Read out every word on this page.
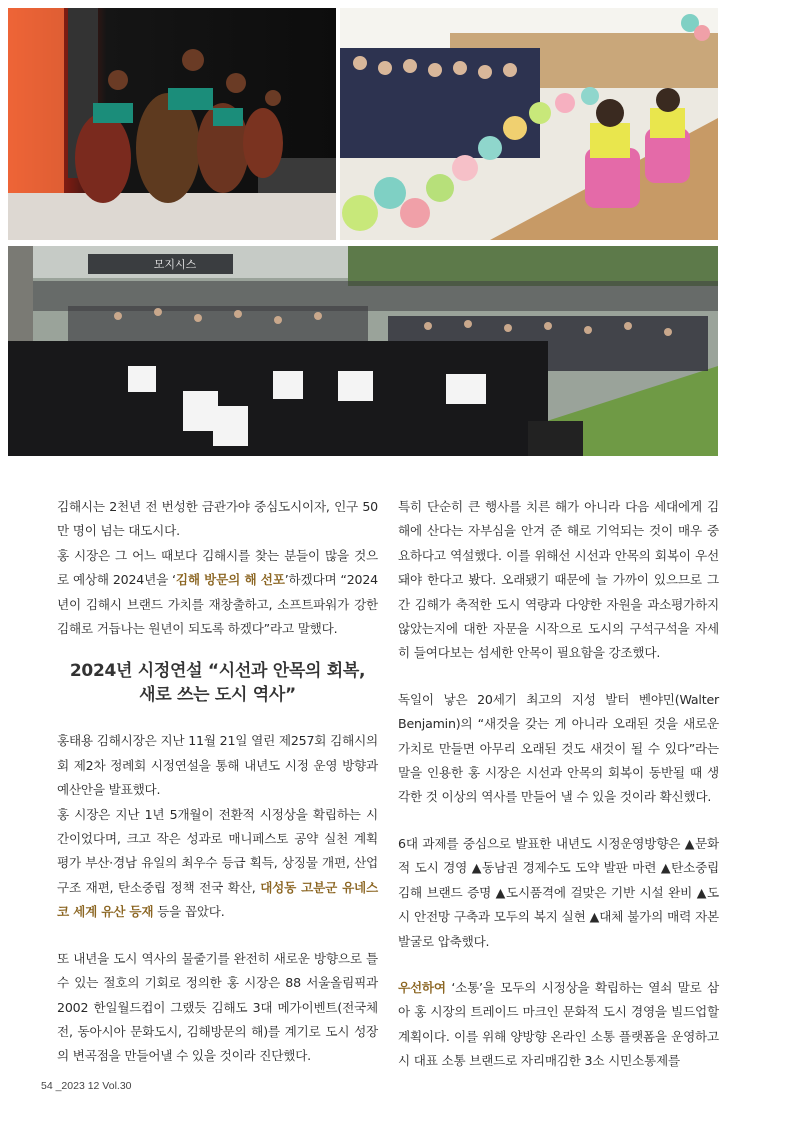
모지시스

김해시는 2천년 전 번성한 금관가야 중심도시이자, 인구 50만 명이 넘는 대도시다.

홍 시장은 그 어느 때보다 김해시를 찾는 분들이 많을 것으로 예상해 2024년을 ‘김해 방문의 해 선포’하겠다며 “2024년이 김해시 브랜드 가치를 재창출하고, 소프트파워가 강한 김해로 거듭나는 원년이 되도록 하겠다”라고 말했다.

2024년 시정연설 “시선과 안목의 회복,
새로 쓰는 도시 역사”

홍태용 김해시장은 지난 11월 21일 열린 제257회 김해시의회 제2차 정례회 시정연설을 통해 내년도 시정 운영 방향과 예산안을 발표했다.

홍 시장은 지난 1년 5개월이 전환적 시정상을 확립하는 시간이었다며, 크고 작은 성과로 매니페스토 공약 실천 계획 평가 부산·경남 유일의 최우수 등급 획득, 상징물 개편, 산업구조 재편, 탄소중립 정책 전국 확산, 대성동 고분군 유네스코 세계 유산 등재 등을 꼽았다.

또 내년을 도시 역사의 물줄기를 완전히 새로운 방향으로 틀 수 있는 절호의 기회로 정의한 홍 시장은 88 서울올림픽과 2002 한일월드컵이 그랬듯 김해도 3대 메가이벤트(전국체전, 동아시아 문화도시, 김해방문의 해)를 계기로 도시 성장의 변곡점을 만들어낼 수 있을 것이라 진단했다.

특히 단순히 큰 행사를 치른 해가 아니라 다음 세대에게 김해에 산다는 자부심을 안겨 준 해로 기억되는 것이 매우 중요하다고 역설했다. 이를 위해선 시선과 안목의 회복이 우선돼야 한다고 봤다. 오래됐기 때문에 늘 가까이 있으므로 그간 김해가 축적한 도시 역량과 다양한 자원을 과소평가하지 않았는지에 대한 자문을 시작으로 도시의 구석구석을 자세히 들여다보는 섬세한 안목이 필요함을 강조했다.

독일이 낳은 20세기 최고의 지성 발터 벤야민(Walter Benjamin)의 “새것을 갖는 게 아니라 오래된 것을 새로운 가치로 만들면 아무리 오래된 것도 새것이 될 수 있다”라는 말을 인용한 홍 시장은 시선과 안목의 회복이 동반될 때 생각한 것 이상의 역사를 만들어 낼 수 있을 것이라 확신했다.

6대 과제를 중심으로 발표한 내년도 시정운영방향은 ▲문화적 도시 경영 ▲동남권 경제수도 도약 발판 마련 ▲탄소중립 김해 브랜드 증명 ▲도시품격에 걸맞은 기반 시설 완비 ▲도시 안전망 구축과 모두의 복지 실현 ▲대체 불가의 매력 자본 발굴로 압축했다.

우선하여 ‘소통’을 모두의 시정상을 확립하는 열쇠 말로 삼아 홍 시장의 트레이드 마크인 문화적 도시 경영을 빌드업할 계획이다. 이를 위해 양방향 온라인 소통 플랫폼을 운영하고 시 대표 소통 브랜드로 자리매김한 3소 시민소통제를

54 _2023 12 Vol.30
